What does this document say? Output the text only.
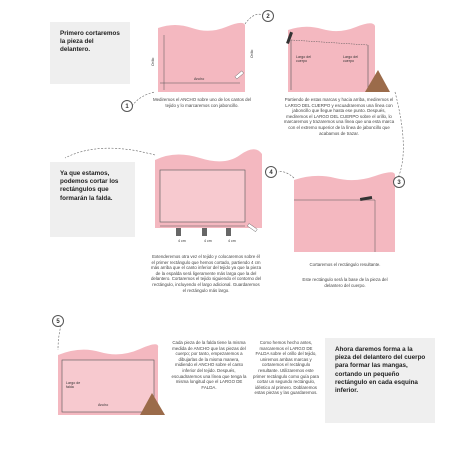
1
2
3
4
5
Primero cortaremos la pieza del delantero.
Ya que estamos, podemos cortar los rectángulos que formarán la falda.
Ahora daremos forma a la pieza del delantero del cuerpo para formar las mangas, cortando un pequeño rectángulo en cada esquina inferior.

Mediremos el ANCHO sobre uno de los cantos del tejido y lo marcaremos con jaboncillo.

Partiendo de estas marcas y hacia arriba, mediremos el LARGO DEL CUERPO y escuadraremos una línea con jaboncillo que llegue hasta ese punto. Después, mediremos el LARGO DEL CUERPO sobre el orillo, lo marcaremos y trazaremos una línea que una esta marca con el extremo superior de la línea de jaboncillo que acabamos de trazar.

Extenderemos otra vez el tejido y colocaremos sobre él el primer rectángulo que hemos cortado, partiendo 4 cm más arriba que el canto inferior del tejido ya que la pieza de la espalda será ligeramente más larga que la del delantero. Cortaremos el tejido siguiendo el contorno del rectángulo, incluyendo el largo adicional. Guardaremos el rectángulo más largo.

Cortaremos el rectángulo resultante.

Este rectángulo será la base de la pieza del delantero del cuerpo.

Cada pieza de la falda tiene la misma medida de ANCHO que las piezas del cuerpo; por tanto, empezaremos a dibujarlas de la misma manera, midiendo el ANCHO sobre el canto inferior del tejido. Después, escuadraremos una línea que tenga la misma longitud que el LARGO DE FALDA.

Como hemos hecho antes, marcaremos el LARGO DE FALDA sobre el orillo del tejido, uniremos ambas marcas y cortaremos el rectángulo resultante. Utilizaremos este primer rectángulo como guía para cortar un segundo rectángulo, idéntico al primero. Doblaremos estas piezas y las guardaremos.

Orillo
Ancho
Orillo	Largo del cuerpo
Largo del cuerpo
4 cm	4 cm	4 cm
Largo de falda
Ancho
